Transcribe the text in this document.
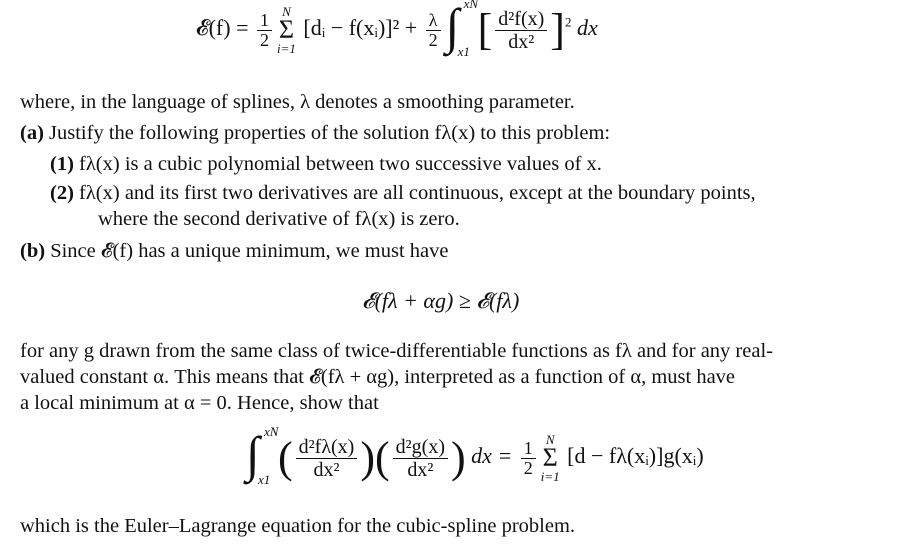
𝓔(f) = $\frac{1}{2}$ N
Σ
i=1
[dᵢ − f(xᵢ)]² + $\frac{\lambda}{2}$ ∫ xN
x1 [ $\frac{\text{d²f(x)}}{\text{dx²}} ]^2$ dx
where, in the language of splines, λ denotes a smoothing parameter.
(a) Justify the following properties of the solution fλ(x) to this problem:
(1) fλ(x) is a cubic polynomial between two successive values of x.
(2) fλ(x) and its first two derivatives are all continuous, except at the boundary points,
where the second derivative of fλ(x) is zero.
(b) Since 𝓔(f) has a unique minimum, we must have
𝓔(fλ + αg) ≥ 𝓔(fλ)
for any g drawn from the same class of twice-differentiable functions as fλ and for any real-
valued constant α. This means that 𝓔(fλ + αg), interpreted as a function of α, must have
a local minimum at α = 0. Hence, show that
∫ xN
x1 ( $\frac{\text{d²fλ(x)}}{\text{dx²}}$ )( $\frac{\text{d²g(x)}}{\text{dx²}}$ ) dx = $\frac{1}{2}$ N
Σ
i=1
[d − fλ(xᵢ)]g(xᵢ)
which is the Euler–Lagrange equation for the cubic-spline problem.
